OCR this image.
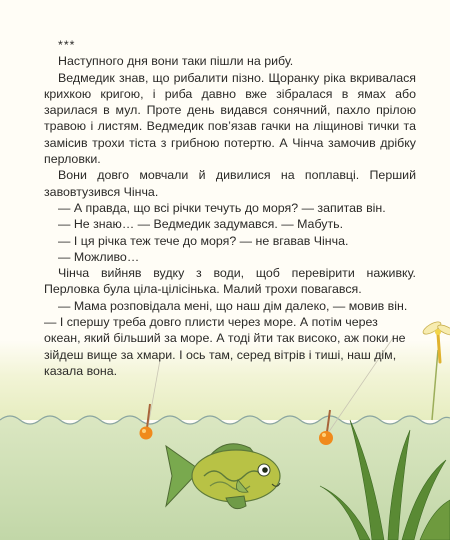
***

Наступного дня вони таки пішли на рибу.

Ведмедик знав, що рибалити пізно. Щоранку ріка вкривалася крихкою кригою, і риба давно вже зібралася в ямах або зарилася в мул. Проте день видався сонячний, пахло прілою травою і листям. Ведмедик пов’язав гачки на ліщинові тички та замісив трохи тіста з грибною потертю. А Чінча замочив дрібку перловки.

Вони довго мовчали й дивилися на поплавці. Перший завовтузився Чінча.

— А правда, що всі річки течуть до моря? — запитав він.

— Не знаю… — Ведмедик задумався. — Мабуть.

— І ця річка теж тече до моря? — не вгавав Чінча.

— Можливо…

Чінча вийняв вудку з води, щоб перевірити наживку. Перловка була ціла-цілісінька. Малий трохи повагався.

— Мама розповідала мені, що наш дім далеко, — мовив він. — І спершу треба довго плисти через море. А потім через океан, який більший за море. А тоді йти так високо, аж поки не зійдеш вище за хмари. І ось там, серед вітрів і тиші, наш дім, казала вона.
